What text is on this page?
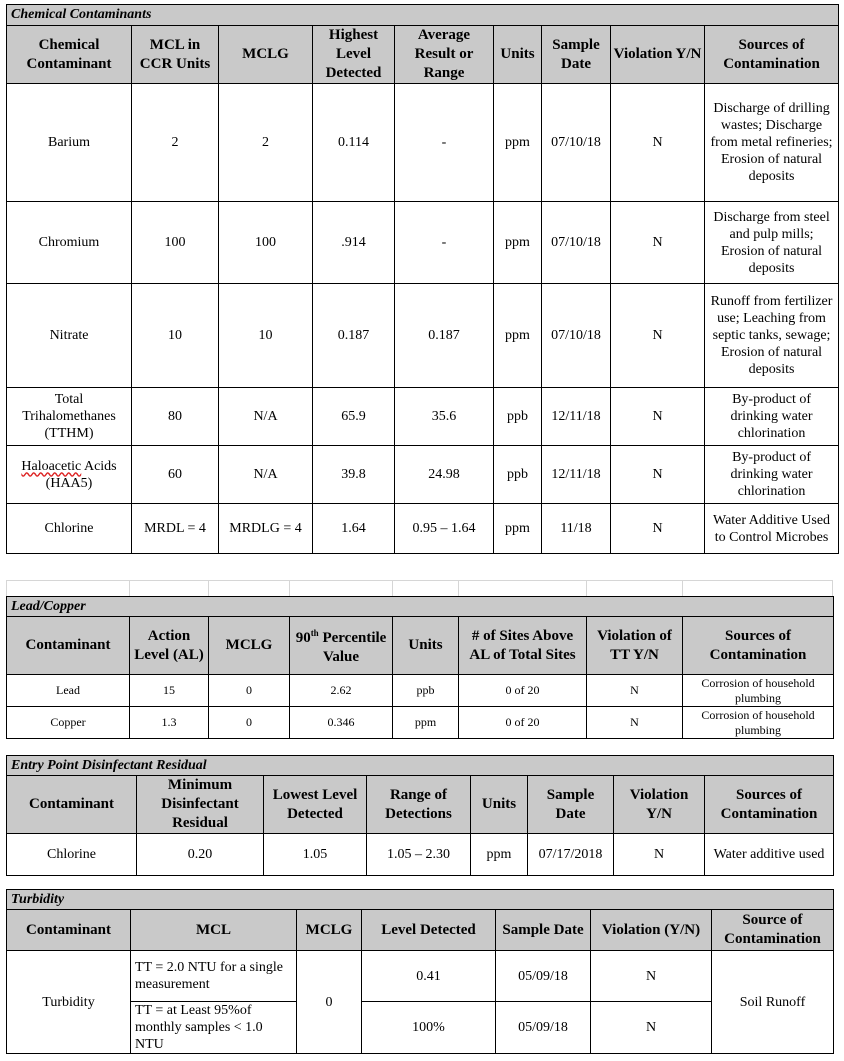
Chemical Contaminants								
Chemical Contaminant	MCL in CCR Units	MCLG	Highest Level Detected	Average Result or Range	Units	Sample Date	Violation Y/N	Sources of Contamination
Barium	2	2	0.114	-	ppm	07/10/18	N	Discharge of drilling wastes; Discharge from metal refineries; Erosion of natural deposits
Chromium	100	100	.914	-	ppm	07/10/18	N	Discharge from steel and pulp mills; Erosion of natural deposits
Nitrate	10	10	0.187	0.187	ppm	07/10/18	N	Runoff from fertilizer use; Leaching from septic tanks, sewage; Erosion of natural deposits
Total Trihalomethanes (TTHM)	80	N/A	65.9	35.6	ppb	12/11/18	N	By-product of drinking water chlorination
Haloacetic Acids (HAA5)	60	N/A	39.8	24.98	ppb	12/11/18	N	By-product of drinking water chlorination
Chlorine	MRDL = 4	MRDLG = 4	1.64	0.95 – 1.64	ppm	11/18	N	Water Additive Used to Control Microbes
Lead/Copper							
Contaminant	Action Level (AL)	MCLG	90th Percentile Value	Units	# of Sites Above AL of Total Sites	Violation of TT Y/N	Sources of Contamination
Lead	15	0	2.62	ppb	0 of 20	N	Corrosion of household plumbing
Copper	1.3	0	0.346	ppm	0 of 20	N	Corrosion of household plumbing
Entry Point Disinfectant Residual							
Contaminant	Minimum Disinfectant Residual	Lowest Level Detected	Range of Detections	Units	Sample Date	Violation Y/N	Sources of Contamination
Chlorine	0.20	1.05	1.05 – 2.30	ppm	07/17/2018	N	Water additive used
Turbidity						
Contaminant	MCL	MCLG	Level Detected	Sample Date	Violation (Y/N)	Source of Contamination
Turbidity	TT = 2.0 NTU for a single measurement	0	0.41	05/09/18	N	Soil Runoff
	TT = at Least 95%of monthly samples < 1.0 NTU		100%	05/09/18	N	
